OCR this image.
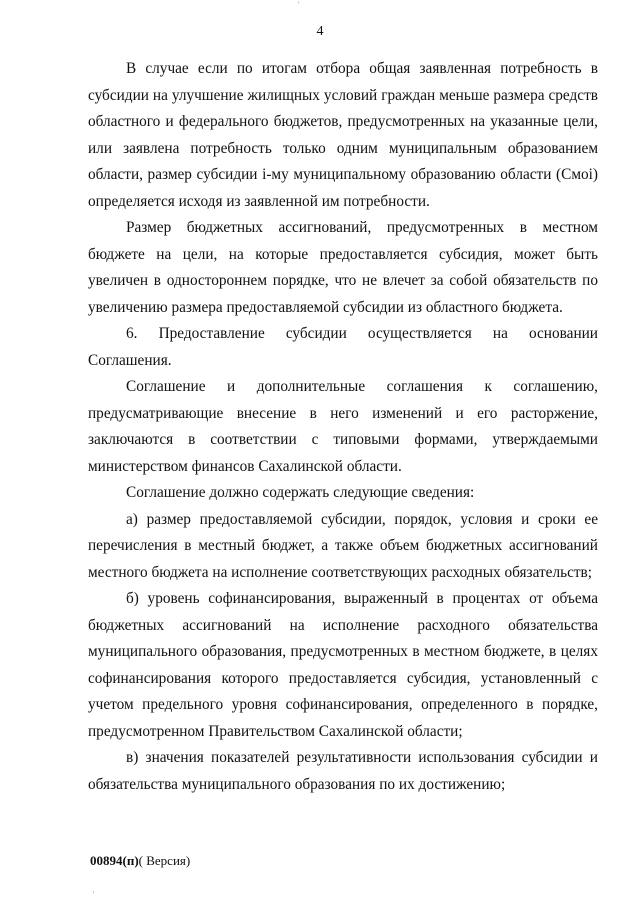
'
4

В случае если по итогам отбора общая заявленная потребность в субсидии на улучшение жилищных условий граждан меньше размера средств областного и федерального бюджетов, предусмотренных на указанные цели, или заявлена потребность только одним муниципальным образованием области, размер субсидии i-му муниципальному образованию области (Смоi) определяется исходя из заявленной им потребности.

Размер бюджетных ассигнований, предусмотренных в местном бюджете на цели, на которые предоставляется субсидия, может быть увеличен в одностороннем порядке, что не влечет за собой обязательств по увеличению размера предоставляемой субсидии из областного бюджета.

6. Предоставление субсидии осуществляется на основании Соглашения.

Соглашение и дополнительные соглашения к соглашению, предусматривающие внесение в него изменений и его расторжение, заключаются в соответствии с типовыми формами, утверждаемыми министерством финансов Сахалинской области.

Соглашение должно содержать следующие сведения:

а) размер предоставляемой субсидии, порядок, условия и сроки ее перечисления в местный бюджет, а также объем бюджетных ассигнований местного бюджета на исполнение соответствующих расходных обязательств;

б) уровень софинансирования, выраженный в процентах от объема бюджетных ассигнований на исполнение расходного обязательства муниципального образования, предусмотренных в местном бюджете, в целях софинансирования которого предоставляется субсидия, установленный с учетом предельного уровня софинансирования, определенного в порядке, предусмотренном Правительством Сахалинской области;

в) значения показателей результативности использования субсидии и обязательства муниципального образования по их достижению;

00894(п)( Версия)
'
